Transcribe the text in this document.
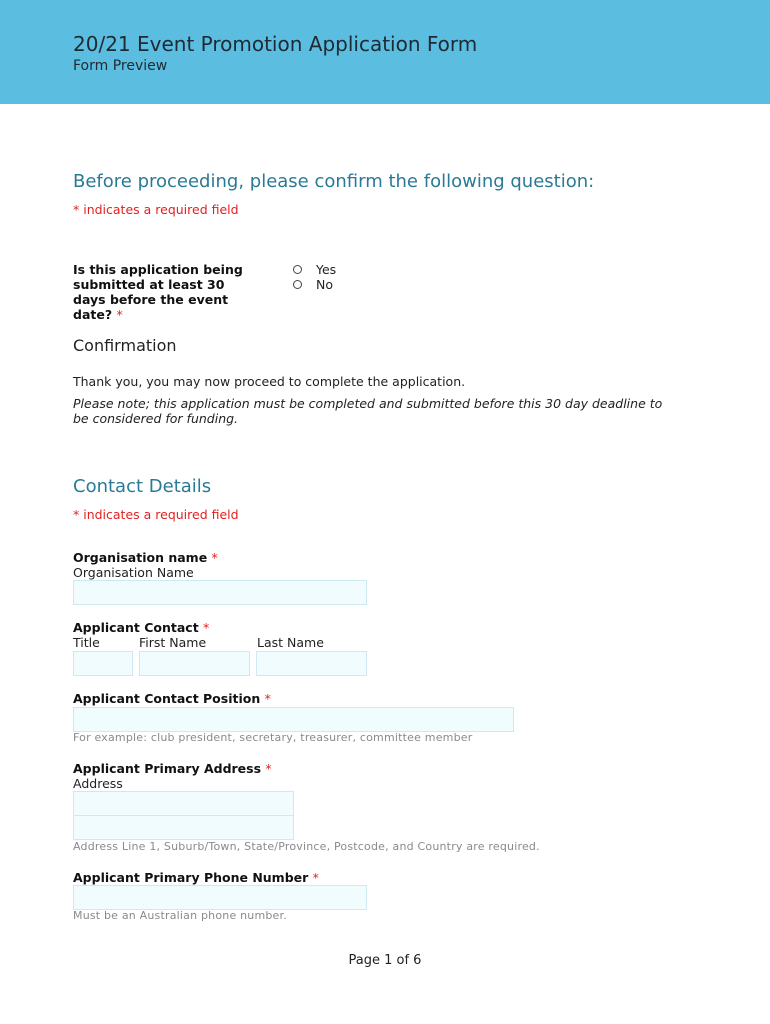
20/21 Event Promotion Application Form
Form Preview
Before proceeding, please confirm the following question:
* indicates a required field
Is this application being submitted at least 30 days before the event date? *
Yes
No
Confirmation
Thank you, you may now proceed to complete the application.
Please note; this application must be completed and submitted before this 30 day deadline to be considered for funding.
Contact Details
* indicates a required field
Organisation name *
Organisation Name
Applicant Contact *
Title	First Name	Last Name
Applicant Contact Position *
For example: club president, secretary, treasurer, committee member
Applicant Primary Address *
Address
Address Line 1, Suburb/Town, State/Province, Postcode, and Country are required.
Applicant Primary Phone Number *
Must be an Australian phone number.
Page 1 of 6
